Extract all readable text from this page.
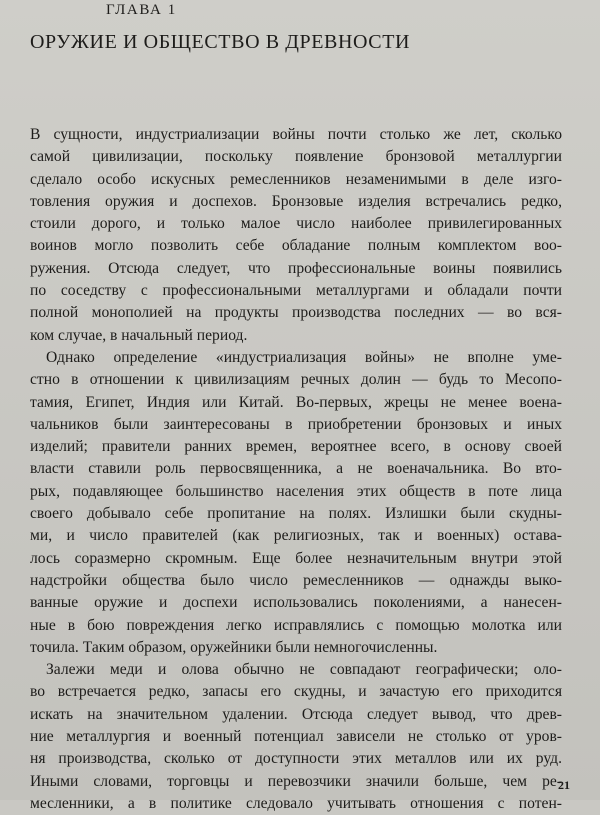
ГЛАВА 1

ОРУЖИЕ И ОБЩЕСТВО В ДРЕВНОСТИ
В сущности, индустриализации войны почти столько же лет, сколько
самой цивилизации, поскольку появление бронзовой металлургии
сделало особо искусных ремесленников незаменимыми в деле изго-
товления оружия и доспехов. Бронзовые изделия встречались редко,
стоили дорого, и только малое число наиболее привилегированных
воинов могло позволить себе обладание полным комплектом воо-
ружения. Отсюда следует, что профессиональные воины появились
по соседству с профессиональными металлургами и обладали почти
полной монополией на продукты производства последних — во вся-
ком случае, в начальный период.
Однако определение «индустриализация войны» не вполне уме-
стно в отношении к цивилизациям речных долин — будь то Месопо-
тамия, Египет, Индия или Китай. Во-первых, жрецы не менее воена-
чальников были заинтересованы в приобретении бронзовых и иных
изделий; правители ранних времен, вероятнее всего, в основу своей
власти ставили роль первосвященника, а не военачальника. Во вто-
рых, подавляющее большинство населения этих обществ в поте лица
своего добывало себе пропитание на полях. Излишки были скудны-
ми, и число правителей (как религиозных, так и военных) остава-
лось соразмерно скромным. Еще более незначительным внутри этой
надстройки общества было число ремесленников — однажды выко-
ванные оружие и доспехи использовались поколениями, а нанесен-
ные в бою повреждения легко исправлялись с помощью молотка или
точила. Таким образом, оружейники были немногочисленны.
Залежи меди и олова обычно не совпадают географически; оло-
во встречается редко, запасы его скудны, и зачастую его приходится
искать на значительном удалении. Отсюда следует вывод, что древ-
ние металлургия и военный потенциал зависели не столько от уров-
ня производства, сколько от доступности этих металлов или их руд.
Иными словами, торговцы и перевозчики значили больше, чем ре-
месленники, а в политике следовало учитывать отношения с потен-

21
